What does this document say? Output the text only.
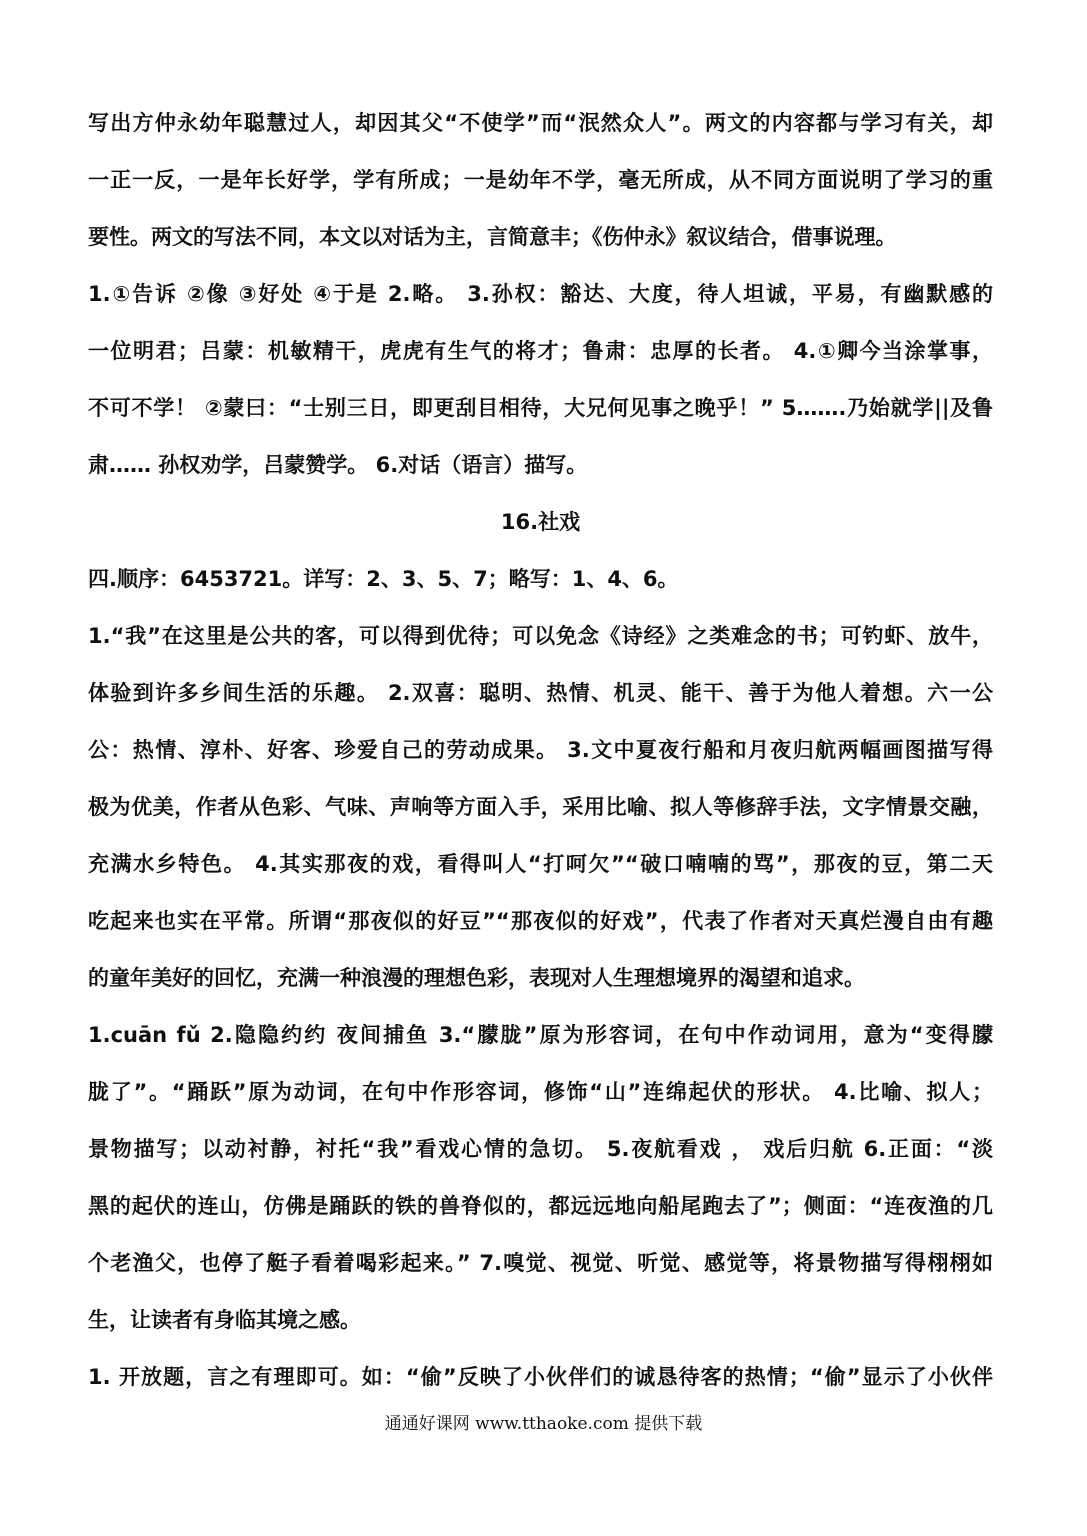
写出方仲永幼年聪慧过人，却因其父“不使学”而“泯然众人”。两文的内容都与学习有关，却
一正一反，一是年长好学，学有所成；一是幼年不学，毫无所成，从不同方面说明了学习的重
要性。两文的写法不同，本文以对话为主，言简意丰；《伤仲永》叙议结合，借事说理。
1.①告诉 ②像 ③好处 ④于是 2.略。 3.孙权：豁达、大度，待人坦诚，平易，有幽默感的
一位明君；吕蒙：机敏精干，虎虎有生气的将才；鲁肃：忠厚的长者。 4.①卿今当涂掌事，
不可不学！ ②蒙曰：“士别三日，即更刮目相待，大兄何见事之晚乎！” 5…….乃始就学||及鲁
肃…… 孙权劝学，吕蒙赞学。 6.对话（语言）描写。
16.社戏
四.顺序：6453721。详写：2、3、5、7；略写：1、4、6。
1.“我”在这里是公共的客，可以得到优待；可以免念《诗经》之类难念的书；可钓虾、放牛，
体验到许多乡间生活的乐趣。 2.双喜：聪明、热情、机灵、能干、善于为他人着想。六一公
公：热情、淳朴、好客、珍爱自己的劳动成果。 3.文中夏夜行船和月夜归航两幅画图描写得
极为优美，作者从色彩、气味、声响等方面入手，采用比喻、拟人等修辞手法，文字情景交融，
充满水乡特色。 4.其实那夜的戏，看得叫人“打呵欠”“破口喃喃的骂”，那夜的豆，第二天
吃起来也实在平常。所谓“那夜似的好豆”“那夜似的好戏”，代表了作者对天真烂漫自由有趣
的童年美好的回忆，充满一种浪漫的理想色彩，表现对人生理想境界的渴望和追求。
1.cuān fǔ 2.隐隐约约 夜间捕鱼 3.“朦胧”原为形容词，在句中作动词用，意为“变得朦
胧了”。“踊跃”原为动词，在句中作形容词，修饰“山”连绵起伏的形状。 4.比喻、拟人；
景物描写；以动衬静，衬托“我”看戏心情的急切。 5.夜航看戏 ， 戏后归航 6.正面：“淡
黑的起伏的连山，仿佛是踊跃的铁的兽脊似的，都远远地向船尾跑去了”；侧面：“连夜渔的几
个老渔父，也停了艇子看着喝彩起来。” 7.嗅觉、视觉、听觉、感觉等，将景物描写得栩栩如
生，让读者有身临其境之感。
1. 开放题，言之有理即可。如：“偷”反映了小伙伴们的诚恳待客的热情；“偷”显示了小伙伴
通通好课网 www.tthaoke.com 提供下载
